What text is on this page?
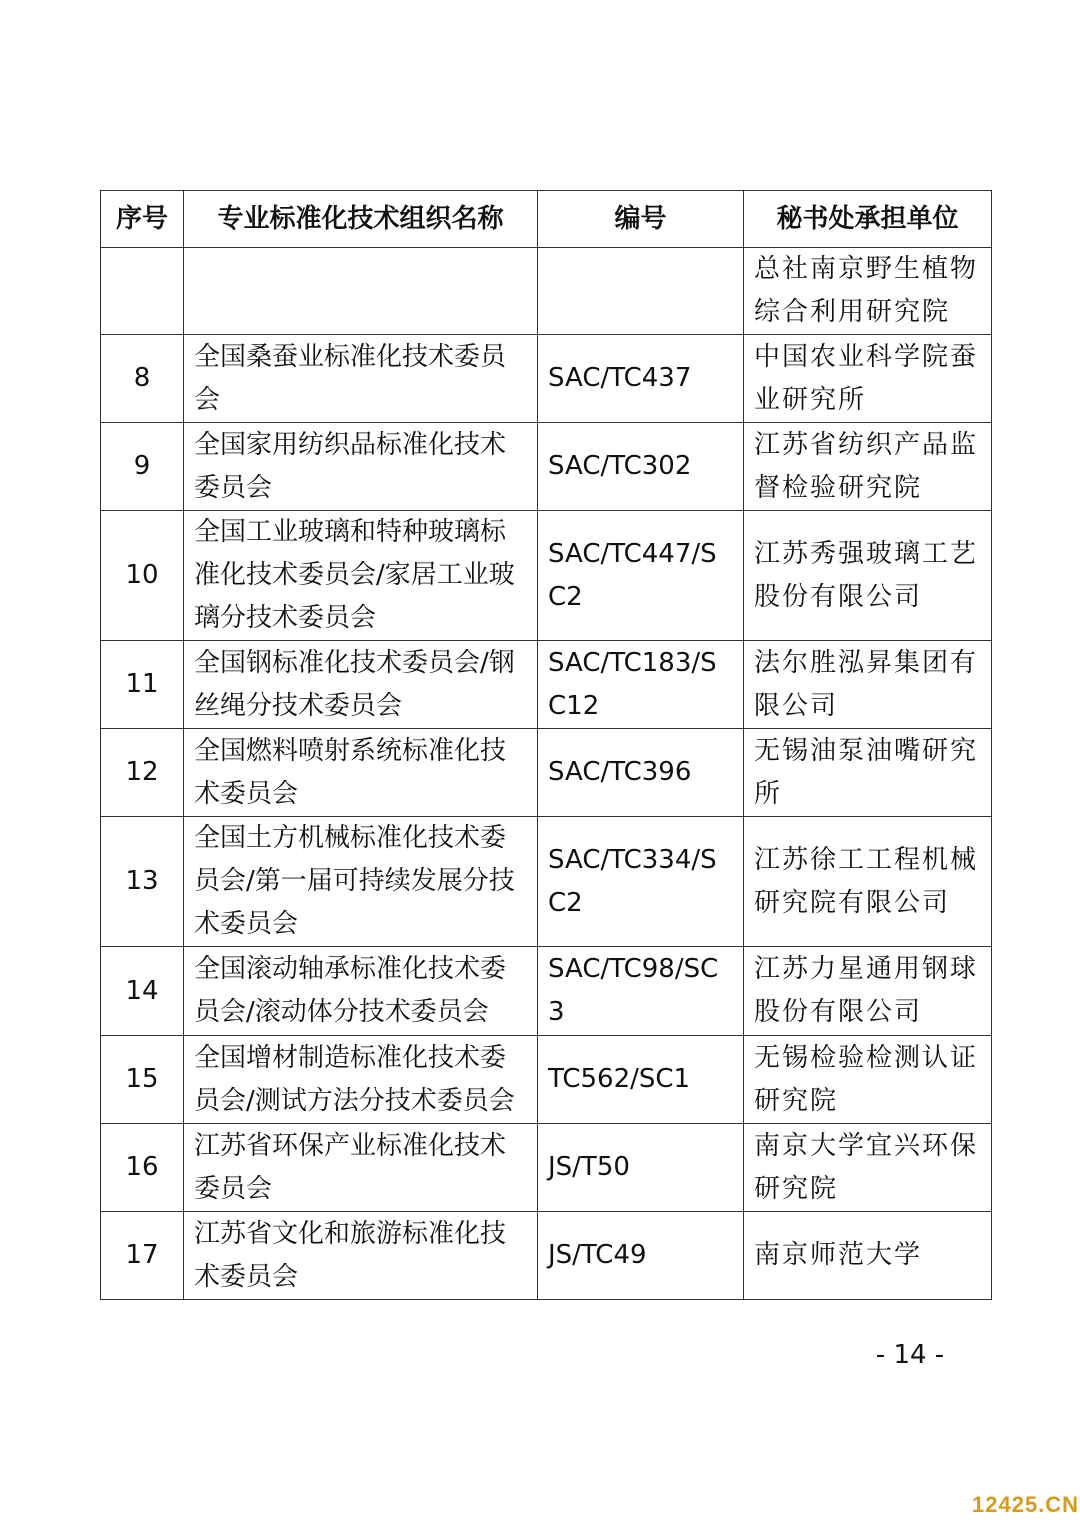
序号	专业标准化技术组织名称	编号	秘书处承担单位
			总社南京野生植物综合利用研究院
8	全国桑蚕业标准化技术委员会	SAC/TC437	中国农业科学院蚕业研究所
9	全国家用纺织品标准化技术委员会	SAC/TC302	江苏省纺织产品监督检验研究院
10	全国工业玻璃和特种玻璃标准化技术委员会/家居工业玻璃分技术委员会	SAC/TC447/SC2	江苏秀强玻璃工艺股份有限公司
11	全国钢标准化技术委员会/钢丝绳分技术委员会	SAC/TC183/SC12	法尔胜泓昇集团有限公司
12	全国燃料喷射系统标准化技术委员会	SAC/TC396	无锡油泵油嘴研究所
13	全国土方机械标准化技术委员会/第一届可持续发展分技术委员会	SAC/TC334/SC2	江苏徐工工程机械研究院有限公司
14	全国滚动轴承标准化技术委员会/滚动体分技术委员会	SAC/TC98/SC3	江苏力星通用钢球股份有限公司
15	全国增材制造标准化技术委员会/测试方法分技术委员会	TC562/SC1	无锡检验检测认证研究院
16	江苏省环保产业标准化技术委员会	JS/T50	南京大学宜兴环保研究院
17	江苏省文化和旅游标准化技术委员会	JS/TC49	南京师范大学
- 14 -
12425.CN
